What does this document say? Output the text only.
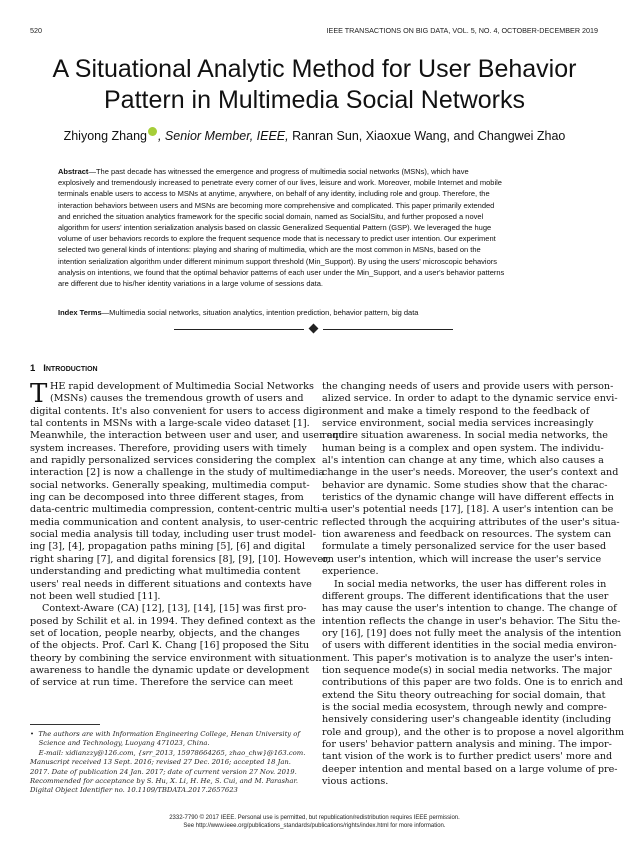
520	IEEE TRANSACTIONS ON BIG DATA, VOL. 5, NO. 4, OCTOBER-DECEMBER 2019
A Situational Analytic Method for User Behavior
Pattern in Multimedia Social Networks
Zhiyong Zhang , Senior Member, IEEE, Ranran Sun, Xiaoxue Wang, and Changwei Zhao
Abstract—The past decade has witnessed the emergence and progress of multimedia social networks (MSNs), which have
explosively and tremendously increased to penetrate every corner of our lives, leisure and work. Moreover, mobile Internet and mobile
terminals enable users to access to MSNs at anytime, anywhere, on behalf of any identity, including role and group. Therefore, the
interaction behaviors between users and MSNs are becoming more comprehensive and complicated. This paper primarily extended
and enriched the situation analytics framework for the specific social domain, named as SocialSitu, and further proposed a novel
algorithm for users' intention serialization analysis based on classic Generalized Sequential Pattern (GSP). We leveraged the huge
volume of user behaviors records to explore the frequent sequence mode that is necessary to predict user intention. Our experiment
selected two general kinds of intentions: playing and sharing of multimedia, which are the most common in MSNs, based on the
intention serialization algorithm under different minimum support threshold (Min_Support). By using the users' microscopic behaviors
analysis on intentions, we found that the optimal behavior patterns of each user under the Min_Support, and a user's behavior patterns
are different due to his/her identity variations in a large volume of sessions data.
Index Terms—Multimedia social networks, situation analytics, intention prediction, behavior pattern, big data
1 Introduction
T HE rapid development of Multimedia Social Networks

(MSNs) causes the tremendous growth of users and

digital contents. It's also convenient for users to access digi-

tal contents in MSNs with a large-scale video dataset [1].

Meanwhile, the interaction between user and user, and user and

system increases. Therefore, providing users with timely

and rapidly personalized services considering the complex

interaction [2] is now a challenge in the study of multimedia

social networks. Generally speaking, multimedia comput-

ing can be decomposed into three different stages, from

data-centric multimedia compression, content-centric multi-

media communication and content analysis, to user-centric

social media analysis till today, including user trust model-

ing [3], [4], propagation paths mining [5], [6] and digital

right sharing [7], and digital forensics [8], [9], [10]. However,

understanding and predicting what multimedia content

users' real needs in different situations and contexts have

not been well studied [11].

Context-Aware (CA) [12], [13], [14], [15] was first pro-

posed by Schilit et al. in 1994. They defined context as the

set of location, people nearby, objects, and the changes

of the objects. Prof. Carl K. Chang [16] proposed the Situ

theory by combining the service environment with situation

awareness to handle the dynamic update or development

of service at run time. Therefore the service can meet

•  The authors are with Information Engineering College, Henan University of
Science and Technology, Luoyang 471023, China.
E-mail: xidianzzy@126.com, {srr_2013, 15978664265, zhao_chw}@163.com.
Manuscript received 13 Sept. 2016; revised 27 Dec. 2016; accepted 18 Jan.
2017. Date of publication 24 Jan. 2017; date of current version 27 Nov. 2019.
Recommended for acceptance by S. Hu, X. Li, H. He, S. Cui, and M. Parashar.
Digital Object Identifier no. 10.1109/TBDATA.2017.2657623

the changing needs of users and provide users with person-

alized service. In order to adapt to the dynamic service envi-

ronment and make a timely respond to the feedback of

service environment, social media services increasingly

require situation awareness. In social media networks, the

human being is a complex and open system. The individu-

al's intention can change at any time, which also causes a

change in the user's needs. Moreover, the user's context and

behavior are dynamic. Some studies show that the charac-

teristics of the dynamic change will have different effects in

a user's potential needs [17], [18]. A user's intention can be

reflected through the acquiring attributes of the user's situa-

tion awareness and feedback on resources. The system can

formulate a timely personalized service for the user based

on user's intention, which will increase the user's service

experience.

In social media networks, the user has different roles in

different groups. The different identifications that the user

has may cause the user's intention to change. The change of

intention reflects the change in user's behavior. The Situ the-

ory [16], [19] does not fully meet the analysis of the intention

of users with different identities in the social media environ-

ment. This paper's motivation is to analyze the user's inten-

tion sequence mode(s) in social media networks. The major

contributions of this paper are two folds. One is to enrich and

extend the Situ theory outreaching for social domain, that

is the social media ecosystem, through newly and compre-

hensively considering user's changeable identity (including

role and group), and the other is to propose a novel algorithm

for users' behavior pattern analysis and mining. The impor-

tant vision of the work is to further predict users' more and

deeper intention and mental based on a large volume of pre-

vious actions.

2332-7790 © 2017 IEEE. Personal use is permitted, but republication/redistribution requires IEEE permission.
See http://www.ieee.org/publications_standards/publications/rights/index.html for more information.
